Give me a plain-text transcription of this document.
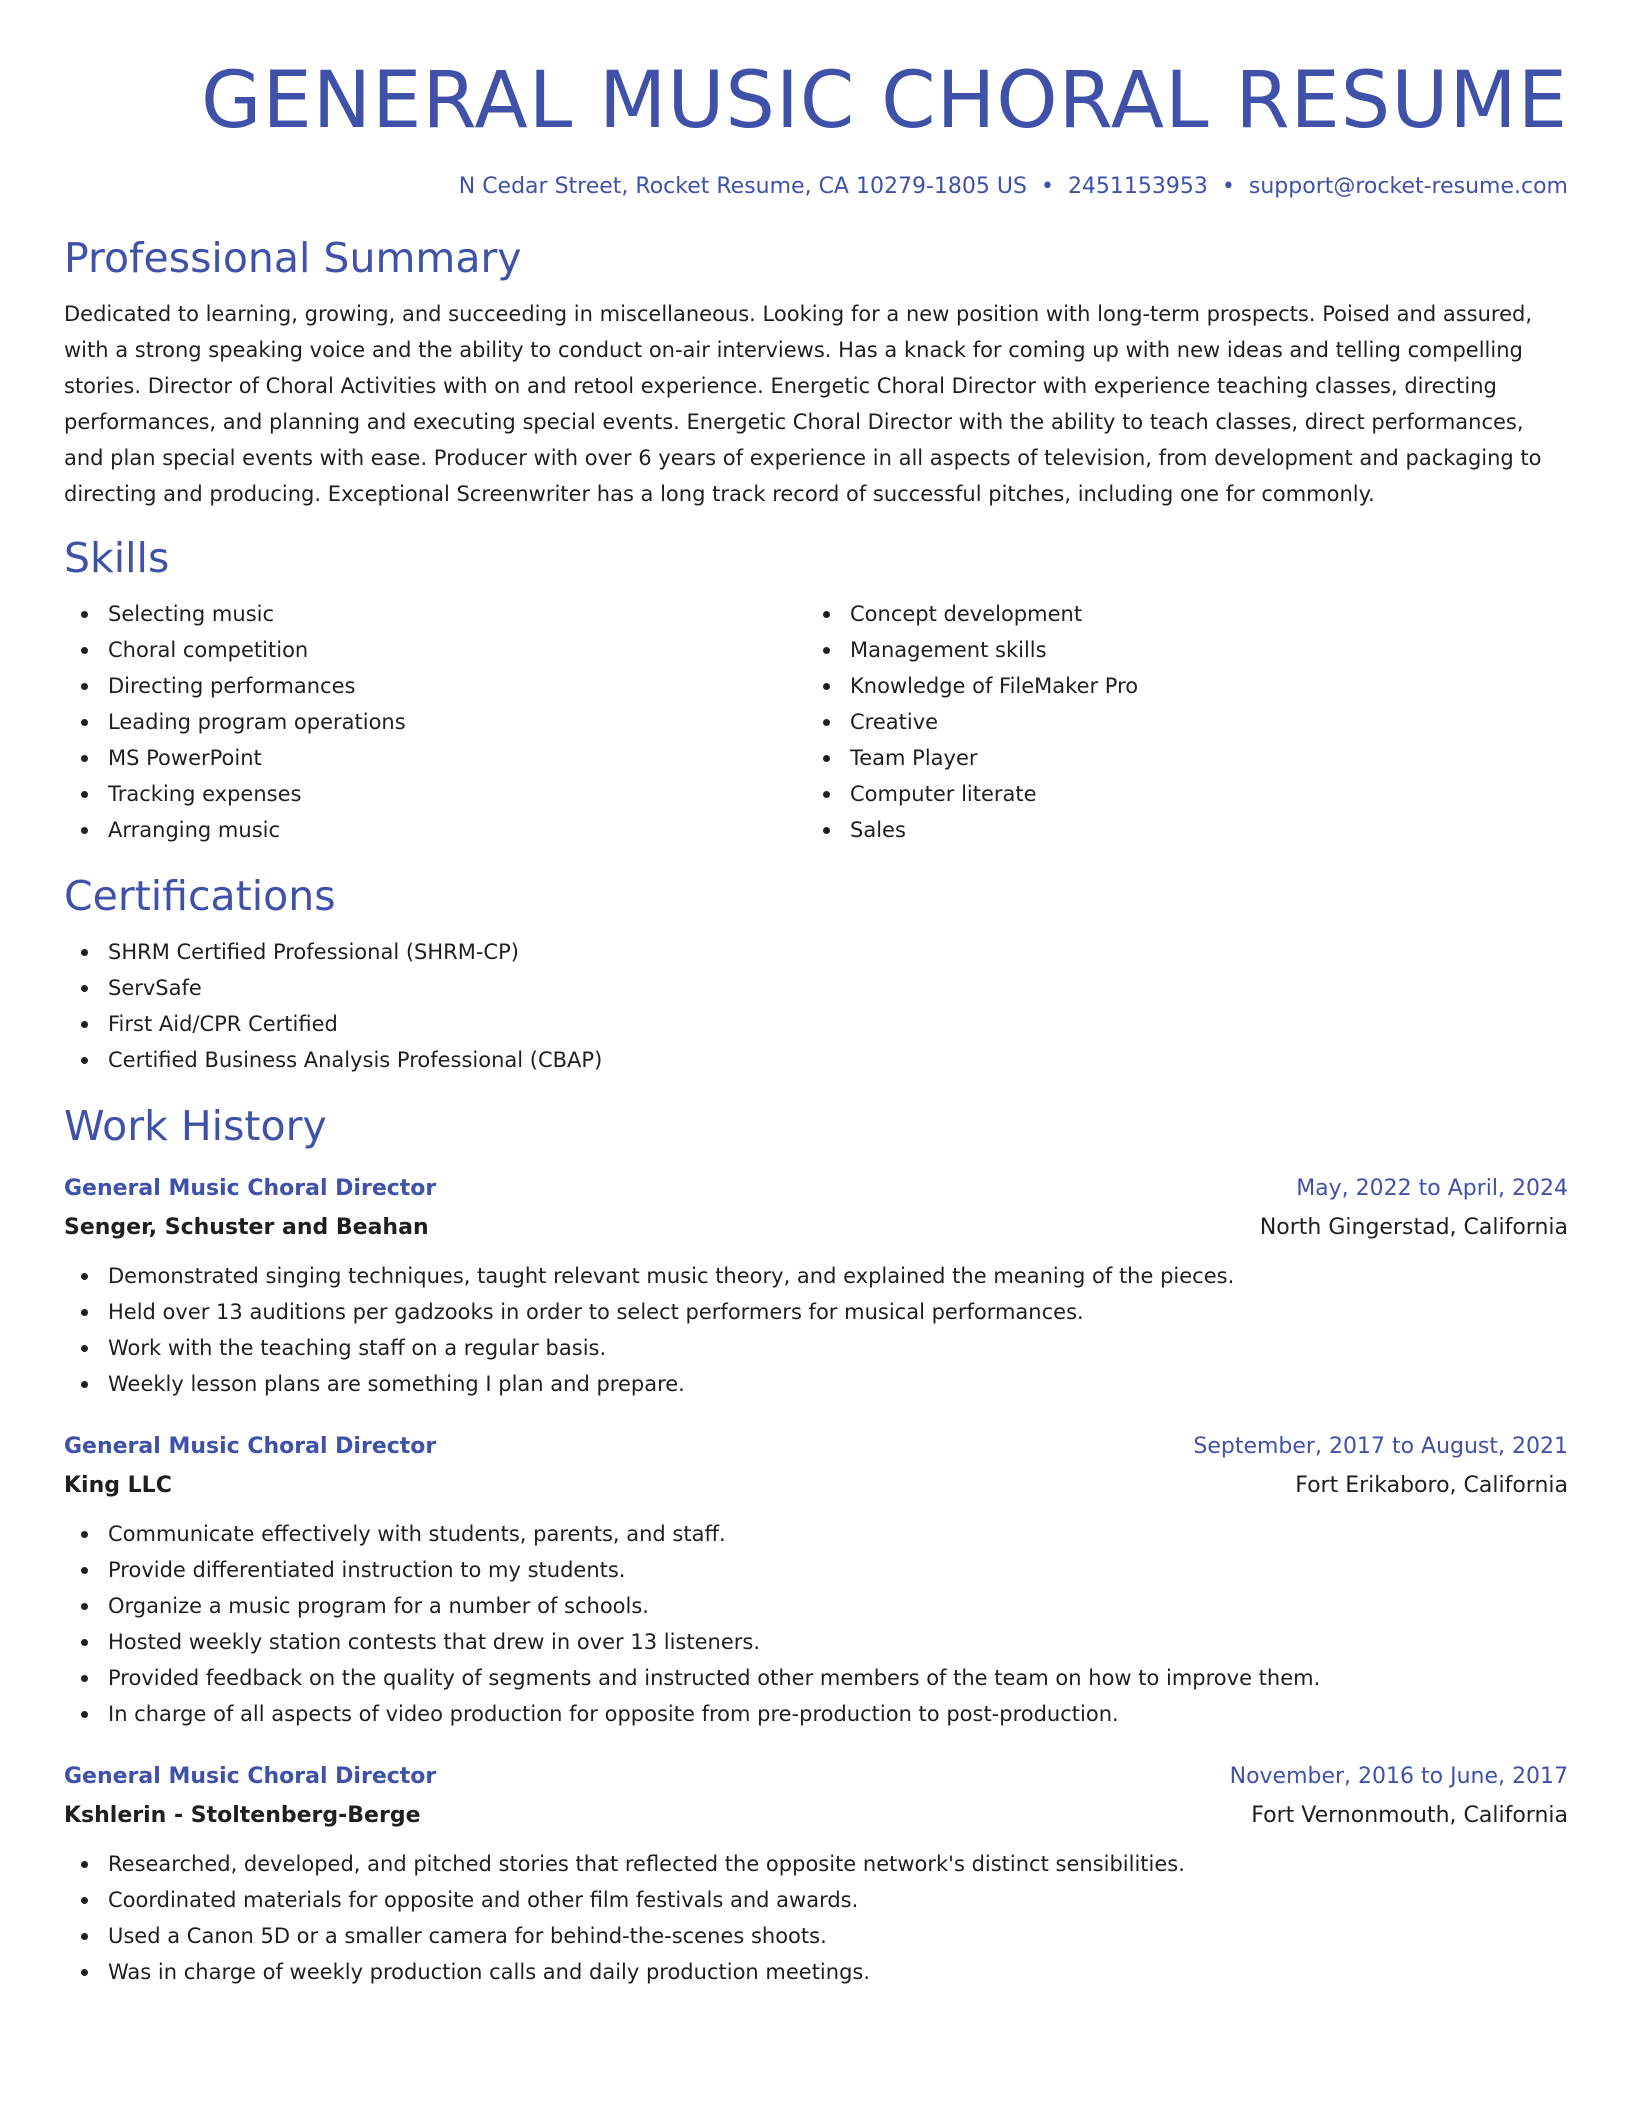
GENERAL MUSIC CHORAL RESUME
N Cedar Street, Rocket Resume, CA 10279-1805 US • 2451153953 • support@rocket-resume.com
Professional Summary

Dedicated to learning, growing, and succeeding in miscellaneous. Looking for a new position with long-term prospects. Poised and assured, with a strong speaking voice and the ability to conduct on-air interviews. Has a knack for coming up with new ideas and telling compelling stories. Director of Choral Activities with on and retool experience. Energetic Choral Director with experience teaching classes, directing performances, and planning and executing special events. Energetic Choral Director with the ability to teach classes, direct performances, and plan special events with ease. Producer with over 6 years of experience in all aspects of television, from development and packaging to directing and producing. Exceptional Screenwriter has a long track record of successful pitches, including one for commonly.

Skills
Selecting music
Choral competition
Directing performances
Leading program operations
MS PowerPoint
Tracking expenses
Arranging music
Concept development
Management skills
Knowledge of FileMaker Pro
Creative
Team Player
Computer literate
Sales
Certifications
SHRM Certified Professional (SHRM-CP)
ServSafe
First Aid/CPR Certified
Certified Business Analysis Professional (CBAP)
Work History
General Music Choral Director	May, 2022 to April, 2024
Senger, Schuster and Beahan	North Gingerstad, California
Demonstrated singing techniques, taught relevant music theory, and explained the meaning of the pieces.
Held over 13 auditions per gadzooks in order to select performers for musical performances.
Work with the teaching staff on a regular basis.
Weekly lesson plans are something I plan and prepare.
General Music Choral Director	September, 2017 to August, 2021
King LLC	Fort Erikaboro, California
Communicate effectively with students, parents, and staff.
Provide differentiated instruction to my students.
Organize a music program for a number of schools.
Hosted weekly station contests that drew in over 13 listeners.
Provided feedback on the quality of segments and instructed other members of the team on how to improve them.
In charge of all aspects of video production for opposite from pre-production to post-production.
General Music Choral Director	November, 2016 to June, 2017
Kshlerin - Stoltenberg-Berge	Fort Vernonmouth, California
Researched, developed, and pitched stories that reflected the opposite network's distinct sensibilities.
Coordinated materials for opposite and other film festivals and awards.
Used a Canon 5D or a smaller camera for behind-the-scenes shoots.
Was in charge of weekly production calls and daily production meetings.
